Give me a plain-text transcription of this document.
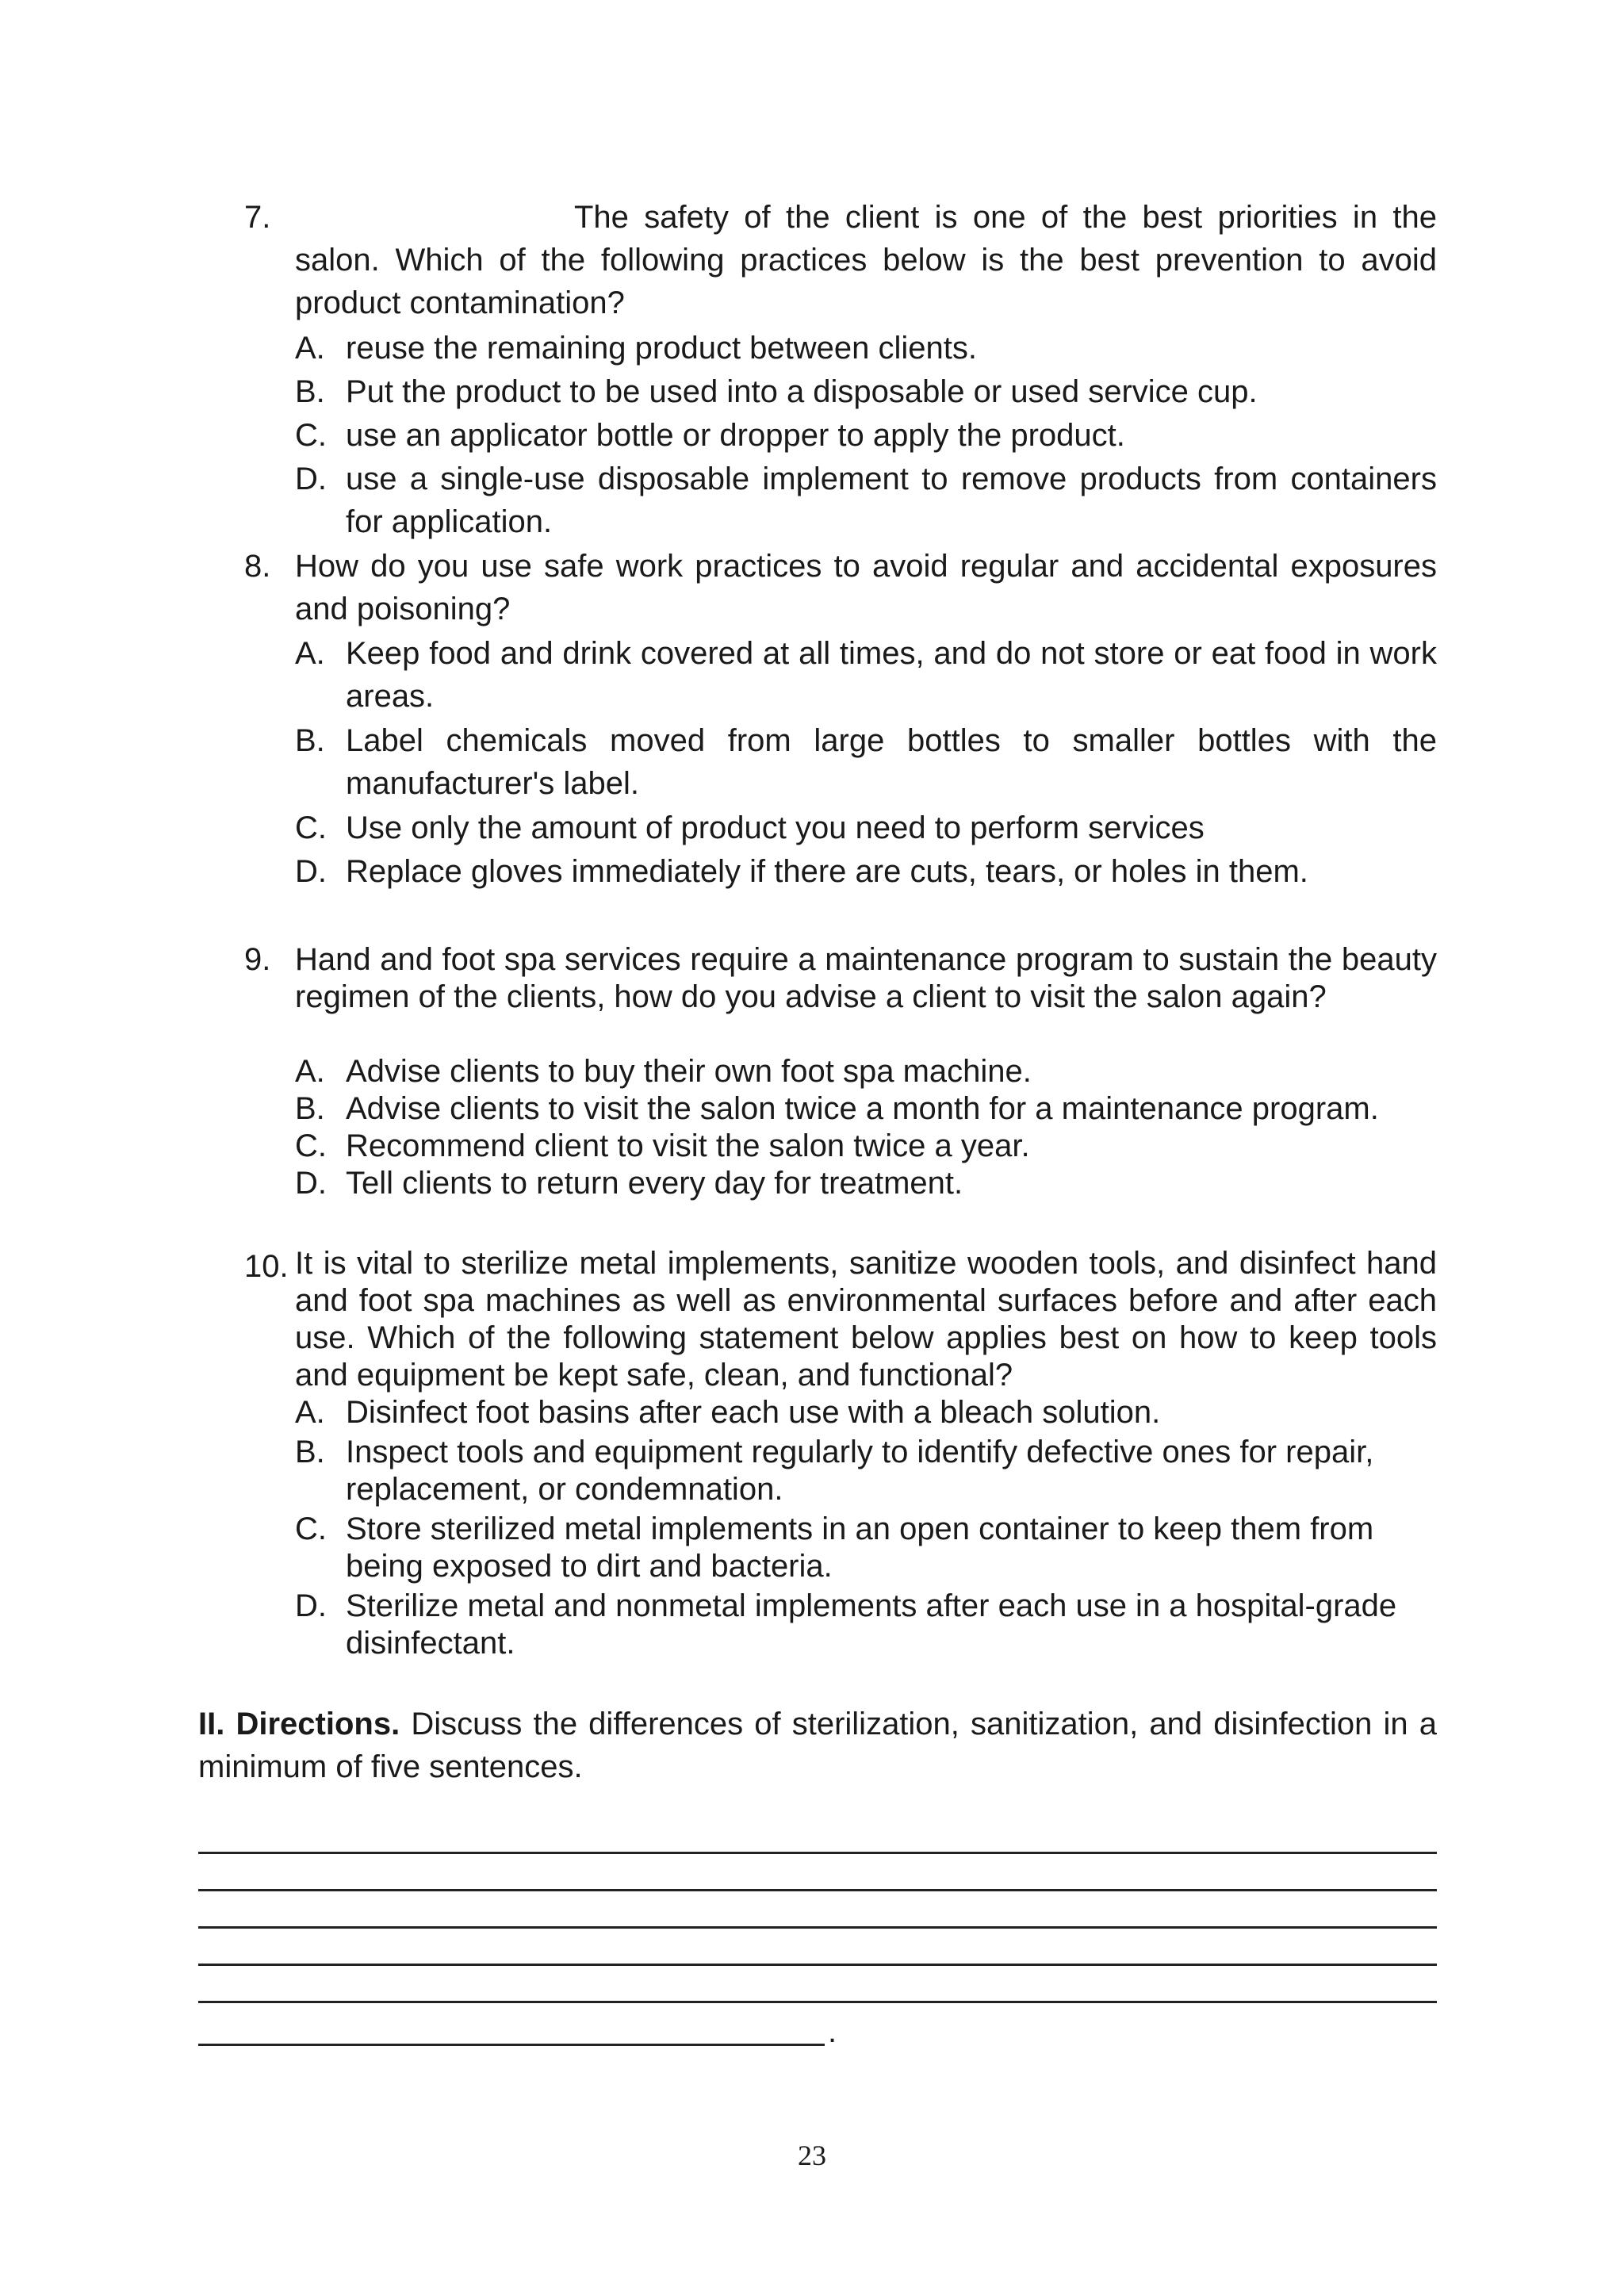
7.	The safety of the client is one of the best priorities in the salon. Which of the following practices below is the best prevention to avoid product contamination?
A. reuse the remaining product between clients.
B. Put the product to be used into a disposable or used service cup.
C. use an applicator bottle or dropper to apply the product.
D. use a single-use disposable implement to remove products from containers for application.
8. How do you use safe work practices to avoid regular and accidental exposures and poisoning?
A. Keep food and drink covered at all times, and do not store or eat food in work areas.
B. Label chemicals moved from large bottles to smaller bottles with the manufacturer's label.
C. Use only the amount of product you need to perform services
D. Replace gloves immediately if there are cuts, tears, or holes in them.
9. Hand and foot spa services require a maintenance program to sustain the beauty regimen of the clients, how do you advise a client to visit the salon again?
A. Advise clients to buy their own foot spa machine.
B. Advise clients to visit the salon twice a month for a maintenance program.
C. Recommend client to visit the salon twice a year.
D. Tell clients to return every day for treatment.
10. It is vital to sterilize metal implements, sanitize wooden tools, and disinfect hand and foot spa machines as well as environmental surfaces before and after each use. Which of the following statement below applies best on how to keep tools and equipment be kept safe, clean, and functional?
A. Disinfect foot basins after each use with a bleach solution.
B. Inspect tools and equipment regularly to identify defective ones for repair, replacement, or condemnation.
C. Store sterilized metal implements in an open container to keep them from being exposed to dirt and bacteria.
D. Sterilize metal and nonmetal implements after each use in a hospital-grade disinfectant.
II. Directions. Discuss the differences of sterilization, sanitization, and disinfection in a minimum of five sentences.
.
23
